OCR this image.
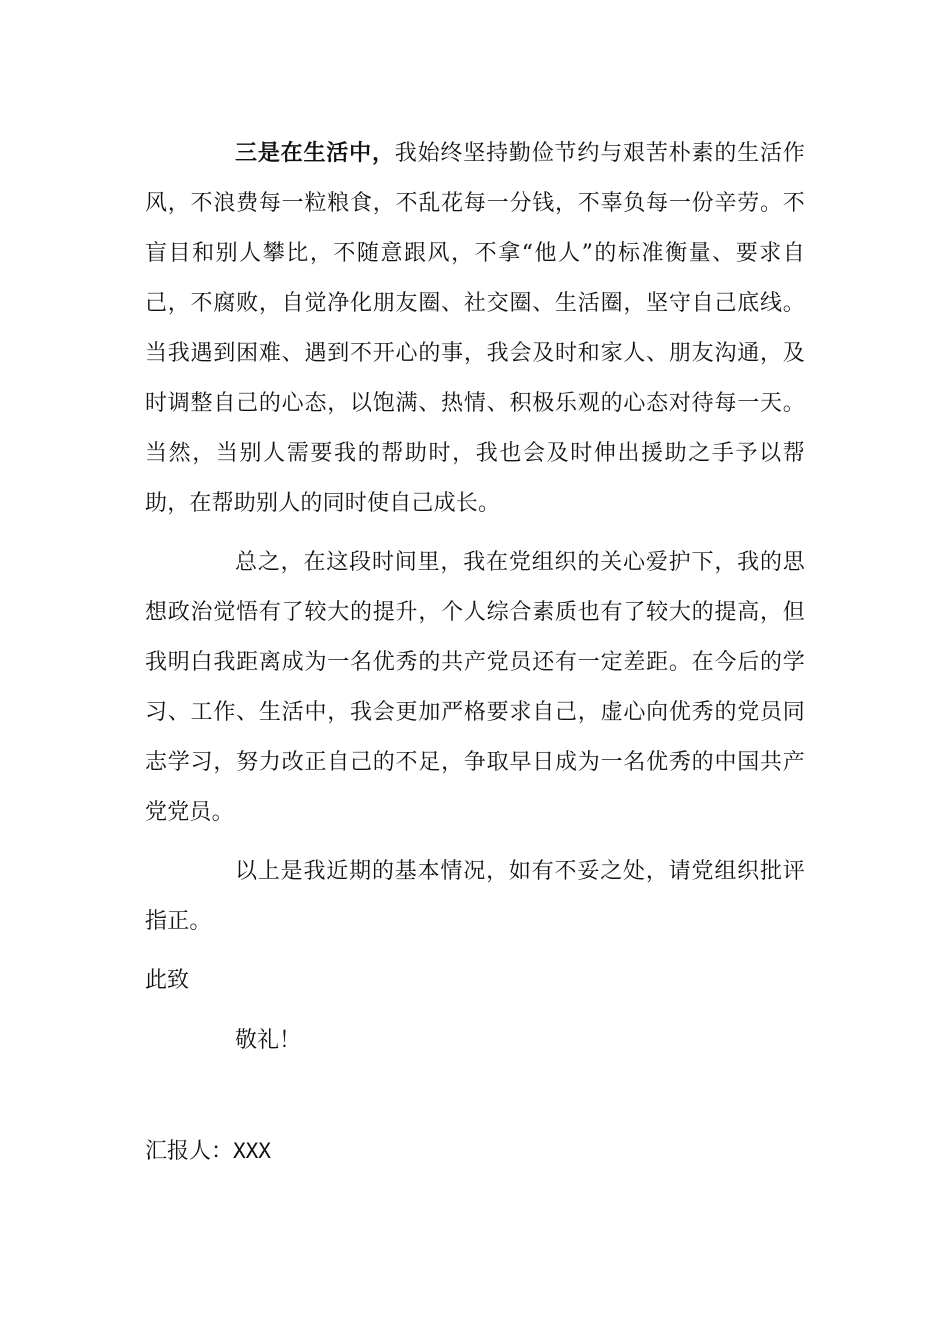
三是在生活中，我始终坚持勤俭节约与艰苦朴素的生活作风，不浪费每一粒粮食，不乱花每一分钱，不辜负每一份辛劳。不盲目和别人攀比，不随意跟风，不拿“他人”的标准衡量、要求自己，不腐败，自觉净化朋友圈、社交圈、生活圈，坚守自己底线。当我遇到困难、遇到不开心的事，我会及时和家人、朋友沟通，及时调整自己的心态，以饱满、热情、积极乐观的心态对待每一天。当然，当别人需要我的帮助时，我也会及时伸出援助之手予以帮助，在帮助别人的同时使自己成长。

总之，在这段时间里，我在党组织的关心爱护下，我的思想政治觉悟有了较大的提升，个人综合素质也有了较大的提高，但我明白我距离成为一名优秀的共产党员还有一定差距。在今后的学习、工作、生活中，我会更加严格要求自己，虚心向优秀的党员同志学习，努力改正自己的不足，争取早日成为一名优秀的中国共产党党员。

以上是我近期的基本情况，如有不妥之处，请党组织批评指正。

此致

敬礼！

汇报人：XXX
